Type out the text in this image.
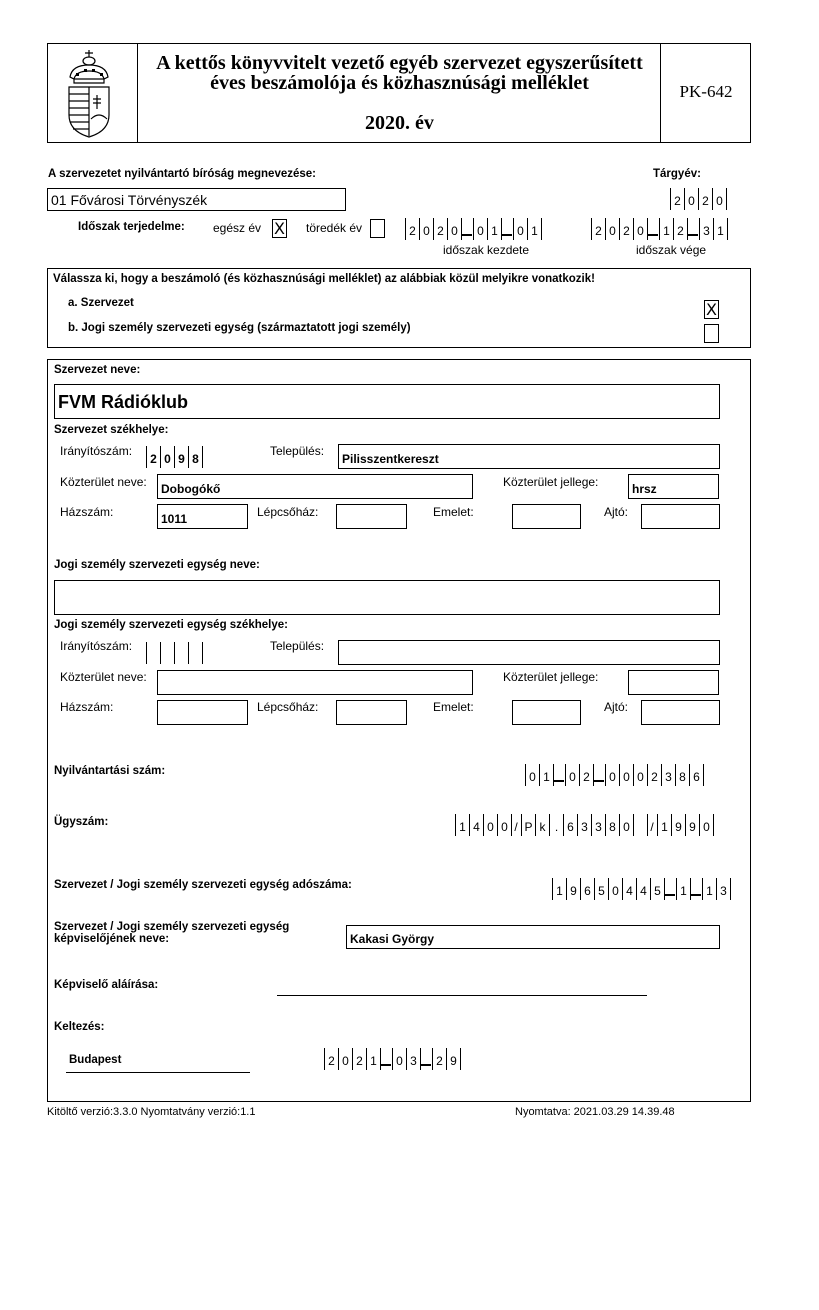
A kettős könyvvitelt vezető egyéb szervezet egyszerűsített
éves beszámolója és közhasznúsági melléklet
2020. év
PK-642
A szervezetet nyilvántartó bíróság megnevezése:	Tárgyév:
01 Fővárosi Törvényszék	2 0 2 0
Időszak terjedelme: egész év X töredék év	2 0 2 0	0 1	0 1
időszak kezdete
2 0 2 0	1 2	3 1
időszak vége
Válassza ki, hogy a beszámoló (és közhasznúsági melléklet) az alábbiak közül melyikre vonatkozik!
a. Szervezet	X
b. Jogi személy szervezeti egység (származtatott jogi személy)
Szervezet neve:
FVM Rádióklub
Szervezet székhelye:
Irányítószám:
2 0 9 8
Település:
Pilisszentkereszt
Közterület neve:	Dobogókő	Közterület jellege:	hrsz
Házszám:	1011	Lépcsőház:	Emelet:	Ajtó:
Jogi személy szervezeti egység neve:
Jogi személy szervezeti egység székhelye:
Irányítószám:	Település:
Közterület neve:	Közterület jellege:
Házszám:	Lépcsőház:	Emelet:	Ajtó:
Nyilvántartási szám:	0 1	0 2	0 0 0 2 3 8 6
Ügyszám:	1 4 0 0 / P k . 6 3 3 8 0	/ 1 9 9 0
Szervezet / Jogi személy szervezeti egység adószáma:	1 9 6 5 0 4 4 5	1	1 3
Szervezet / Jogi személy szervezeti egység
képviselőjének neve:	Kakasi György
Képviselő aláírása:
Keltezés:
Budapest	2 0 2 1	0 3	2 9
Kitöltő verzió:3.3.0 Nyomtatvány verzió:1.1	Nyomtatva: 2021.03.29 14.39.48
